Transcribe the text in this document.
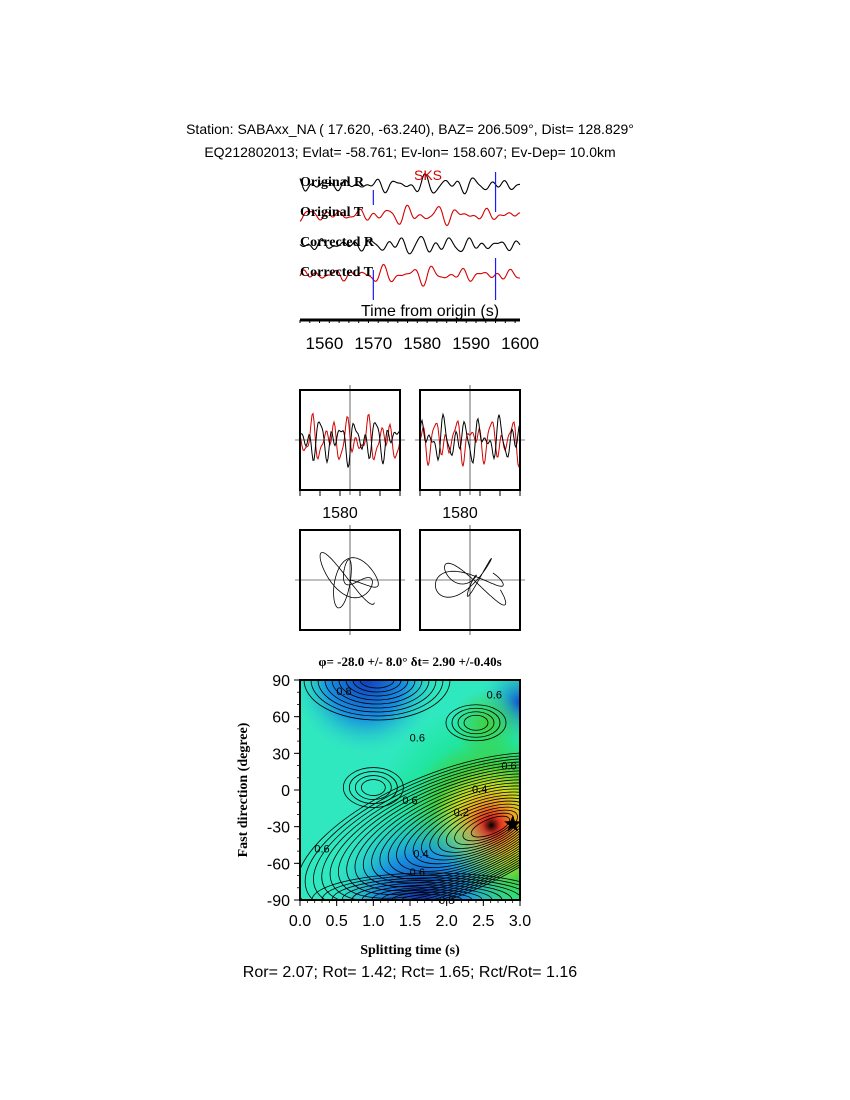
Station: SABAxx_NA ( 17.620, -63.240), BAZ= 206.509°, Dist= 128.829°
EQ212802013; Evlat= -58.761; Ev-lon= 158.607; Ev-Dep= 10.0km
SKS
Original R
Original T
Corrected R
Corrected T
Time from origin (s)
1560 1570 1580 1590 1600
1580	1580
φ= -28.0 +/- 8.0° δt= 2.90 +/-0.40s
0.0 0.5 1.0 1.5 2.0 2.5 3.0
90
60
30
0
-30
-60
-90
0.8	0.6
0.6
0.6
0.6
0.4
0.2
0.6	0.4
0.6
0.8
Splitting time (s)
Fast direction (degree)
Ror= 2.07; Rot= 1.42; Rct= 1.65; Rct/Rot= 1.16
